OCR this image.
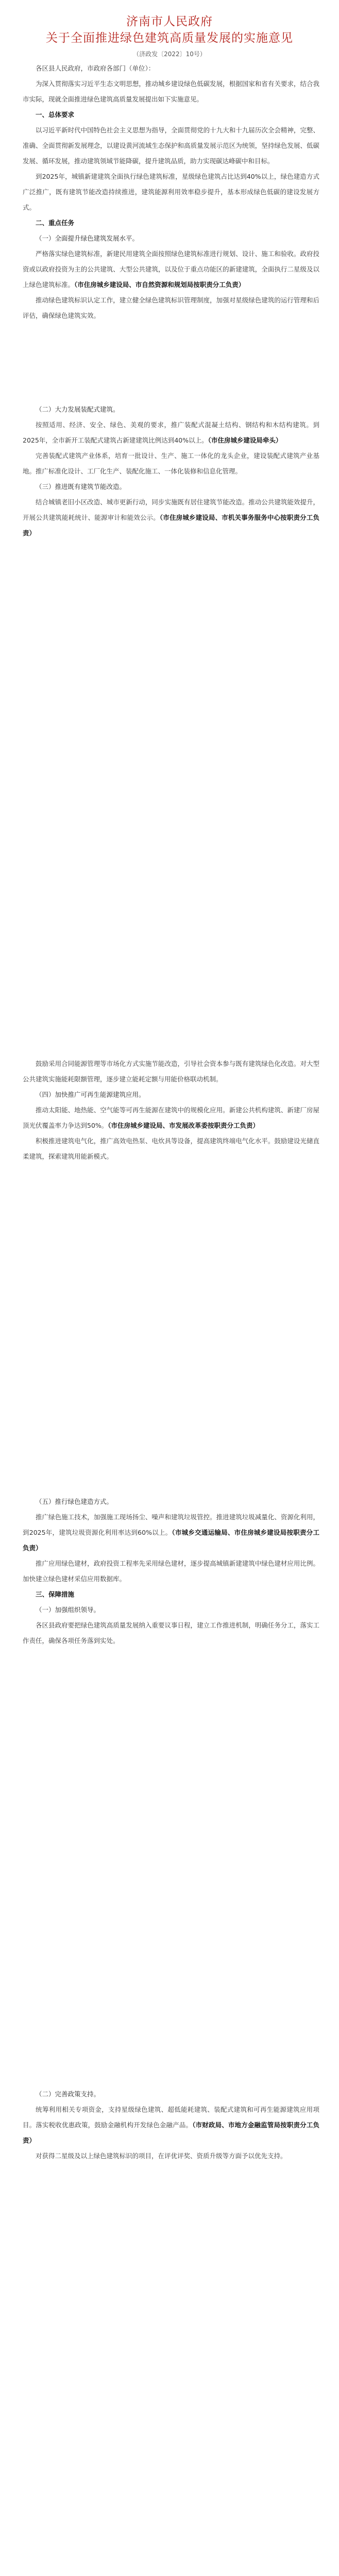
济南市人民政府
关于全面推进绿色建筑高质量发展的实施意见
（济政发〔2022〕10号）

各区县人民政府，市政府各部门（单位）：

为深入贯彻落实习近平生态文明思想，推动城乡建设绿色低碳发展，根据国家和省有关要求，结合我市实际，现就全面推进绿色建筑高质量发展提出如下实施意见。

一、总体要求

以习近平新时代中国特色社会主义思想为指导，全面贯彻党的十九大和十九届历次全会精神，完整、准确、全面贯彻新发展理念，以建设黄河流域生态保护和高质量发展示范区为统领，坚持绿色发展、低碳发展、循环发展，推动建筑领域节能降碳，提升建筑品质，助力实现碳达峰碳中和目标。

到2025年，城镇新建建筑全面执行绿色建筑标准，星级绿色建筑占比达到40%以上，绿色建造方式广泛推广，既有建筑节能改造持续推进，建筑能源利用效率稳步提升，基本形成绿色低碳的建设发展方式。

二、重点任务

（一）全面提升绿色建筑发展水平。

严格落实绿色建筑标准，新建民用建筑全面按照绿色建筑标准进行规划、设计、施工和验收。政府投资或以政府投资为主的公共建筑、大型公共建筑，以及位于重点功能区的新建建筑，全面执行二星级及以上绿色建筑标准。（市住房城乡建设局、市自然资源和规划局按职责分工负责）

推动绿色建筑标识认定工作，建立健全绿色建筑标识管理制度，加强对星级绿色建筑的运行管理和后评估，确保绿色建筑实效。

（二）大力发展装配式建筑。

按照适用、经济、安全、绿色、美观的要求，推广装配式混凝土结构、钢结构和木结构建筑。到2025年，全市新开工装配式建筑占新建建筑比例达到40%以上。（市住房城乡建设局牵头）

完善装配式建筑产业体系，培育一批设计、生产、施工一体化的龙头企业，建设装配式建筑产业基地。推广标准化设计、工厂化生产、装配化施工、一体化装修和信息化管理。

（三）推进既有建筑节能改造。

结合城镇老旧小区改造、城市更新行动，同步实施既有居住建筑节能改造。推动公共建筑能效提升，开展公共建筑能耗统计、能源审计和能效公示。（市住房城乡建设局、市机关事务服务中心按职责分工负责）

鼓励采用合同能源管理等市场化方式实施节能改造，引导社会资本参与既有建筑绿色化改造。对大型公共建筑实施能耗限额管理，逐步建立能耗定额与用能价格联动机制。

（四）加快推广可再生能源建筑应用。

推动太阳能、地热能、空气能等可再生能源在建筑中的规模化应用。新建公共机构建筑、新建厂房屋顶光伏覆盖率力争达到50%。（市住房城乡建设局、市发展改革委按职责分工负责）

积极推进建筑电气化，推广高效电热泵、电炊具等设备，提高建筑终端电气化水平。鼓励建设光储直柔建筑，探索建筑用能新模式。

（五）推行绿色建造方式。

推广绿色施工技术，加强施工现场扬尘、噪声和建筑垃圾管控。推进建筑垃圾减量化、资源化利用，到2025年，建筑垃圾资源化利用率达到60%以上。（市城乡交通运输局、市住房城乡建设局按职责分工负责）

推广应用绿色建材，政府投资工程率先采用绿色建材，逐步提高城镇新建建筑中绿色建材应用比例。加快建立绿色建材采信应用数据库。

三、保障措施

（一）加强组织领导。

各区县政府要把绿色建筑高质量发展纳入重要议事日程，建立工作推进机制，明确任务分工，落实工作责任，确保各项任务落到实处。

（二）完善政策支持。

统筹利用相关专项资金，支持星级绿色建筑、超低能耗建筑、装配式建筑和可再生能源建筑应用项目。落实税收优惠政策，鼓励金融机构开发绿色金融产品。（市财政局、市地方金融监管局按职责分工负责）

对获得二星级及以上绿色建筑标识的项目，在评优评奖、资质升级等方面予以优先支持。
